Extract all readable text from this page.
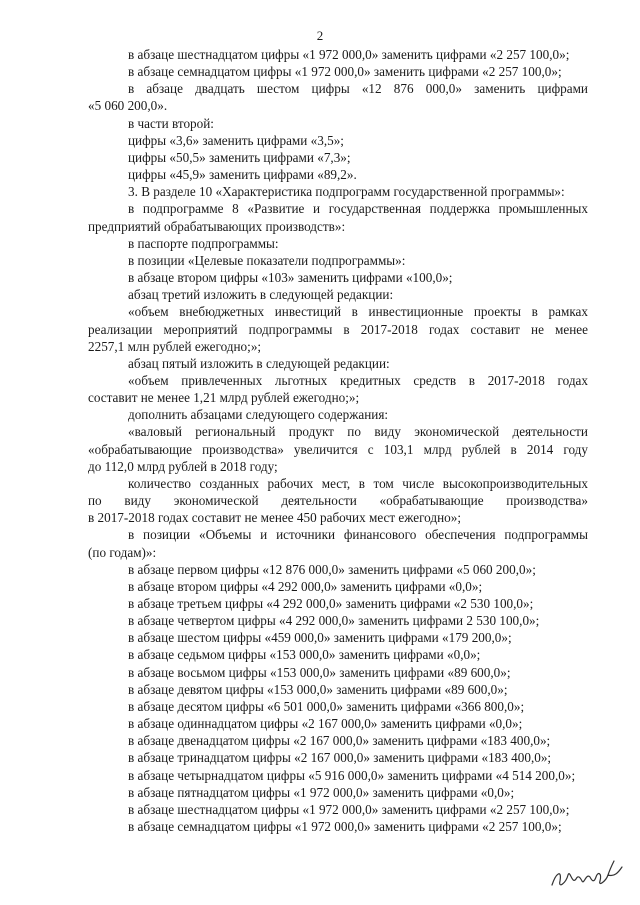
2
в абзаце шестнадцатом цифры «1 972 000,0» заменить цифрами «2 257 100,0»;
в абзаце семнадцатом цифры «1 972 000,0» заменить цифрами «2 257 100,0»;
в абзаце двадцать шестом цифры «12 876 000,0» заменить цифрами
«5 060 200,0».
в части второй:
цифры «3,6» заменить цифрами «3,5»;
цифры «50,5» заменить цифрами «7,3»;
цифры «45,9» заменить цифрами «89,2».
3. В разделе 10 «Характеристика подпрограмм государственной программы»:
в подпрограмме 8 «Развитие и государственная поддержка промышленных
предприятий обрабатывающих производств»:
в паспорте подпрограммы:
в позиции «Целевые показатели подпрограммы»:
в абзаце втором цифры «103» заменить цифрами «100,0»;
абзац третий изложить в следующей редакции:
«объем внебюджетных инвестиций в инвестиционные проекты в рамках
реализации мероприятий подпрограммы в 2017-2018 годах составит не менее
2257,1 млн рублей ежегодно;»;
абзац пятый изложить в следующей редакции:
«объем привлеченных льготных кредитных средств в 2017-2018 годах
составит не менее 1,21 млрд рублей ежегодно;»;
дополнить абзацами следующего содержания:
«валовый региональный продукт по виду экономической деятельности
«обрабатывающие производства» увеличится с 103,1 млрд рублей в 2014 году
до 112,0 млрд рублей в 2018 году;
количество созданных рабочих мест, в том числе высокопроизводительных
по виду экономической деятельности «обрабатывающие производства»
в 2017-2018 годах составит не менее 450 рабочих мест ежегодно»;
в позиции «Объемы и источники финансового обеспечения подпрограммы
(по годам)»:
в абзаце первом цифры «12 876 000,0» заменить цифрами «5 060 200,0»;
в абзаце втором цифры «4 292 000,0» заменить цифрами «0,0»;
в абзаце третьем цифры «4 292 000,0» заменить цифрами «2 530 100,0»;
в абзаце четвертом цифры «4 292 000,0» заменить цифрами 2 530 100,0»;
в абзаце шестом цифры «459 000,0» заменить цифрами «179 200,0»;
в абзаце седьмом цифры «153 000,0» заменить цифрами «0,0»;
в абзаце восьмом цифры «153 000,0» заменить цифрами «89 600,0»;
в абзаце девятом цифры «153 000,0» заменить цифрами «89 600,0»;
в абзаце десятом цифры «6 501 000,0» заменить цифрами «366 800,0»;
в абзаце одиннадцатом цифры «2 167 000,0» заменить цифрами «0,0»;
в абзаце двенадцатом цифры «2 167 000,0» заменить цифрами «183 400,0»;
в абзаце тринадцатом цифры «2 167 000,0» заменить цифрами «183 400,0»;
в абзаце четырнадцатом цифры «5 916 000,0» заменить цифрами «4 514 200,0»;
в абзаце пятнадцатом цифры «1 972 000,0» заменить цифрами «0,0»;
в абзаце шестнадцатом цифры «1 972 000,0» заменить цифрами «2 257 100,0»;
в абзаце семнадцатом цифры «1 972 000,0» заменить цифрами «2 257 100,0»;
